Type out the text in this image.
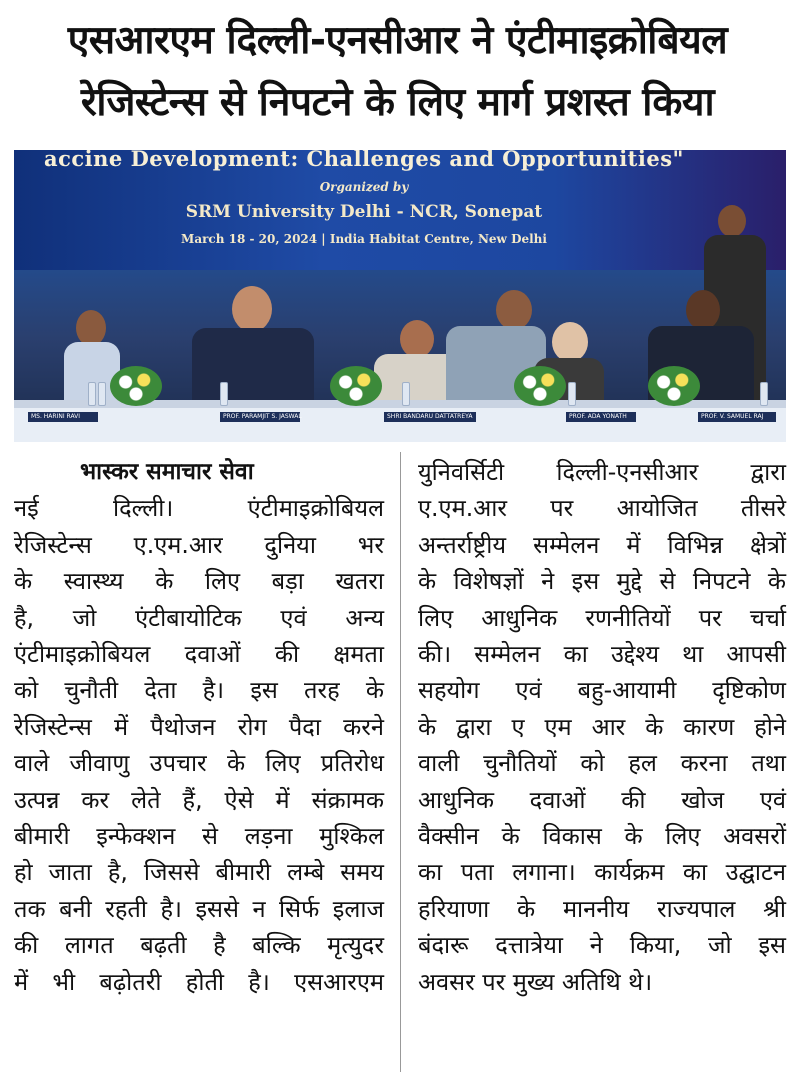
एसआरएम दिल्ली-एनसीआर ने एंटीमाइक्रोबियल
रेजिस्टेन्स से निपटने के लिए मार्ग प्रशस्त किया
accine Development: Challenges and Opportunities"
Organized by
SRM University Delhi - NCR, Sonepat
March 18 - 20, 2024 | India Habitat Centre, New Delhi
MS. HARINI RAVI	PROF. PARAMJIT S. JASWAL	SHRI BANDARU DATTATREYA	PROF. ADA YONATH	PROF. V. SAMUEL RAJ
भास्कर समाचार सेवा
नई दिल्ली। एंटीमाइक्रोबियल
रेजिस्टेन्स ए.एम.आर दुनिया भर
के स्वास्थ्य के लिए बड़ा खतरा
है, जो एंटीबायोटिक एवं अन्य
एंटीमाइक्रोबियल दवाओं की क्षमता
को चुनौती देता है। इस तरह के
रेजिस्टेन्स में पैथोजन रोग पैदा करने
वाले जीवाणु उपचार के लिए प्रतिरोध
उत्पन्न कर लेते हैं, ऐसे में संक्रामक
बीमारी इन्फेक्शन से लड़ना मुश्किल
हो जाता है, जिससे बीमारी लम्बे समय
तक बनी रहती है। इससे न सिर्फ इलाज
की लागत बढ़ती है बल्कि मृत्युदर
में भी बढ़ोतरी होती है। एसआरएम
युनिवर्सिटी दिल्ली-एनसीआर द्वारा
ए.एम.आर पर आयोजित तीसरे
अन्तर्राष्ट्रीय सम्मेलन में विभिन्न क्षेत्रों
के विशेषज्ञों ने इस मुद्दे से निपटने के
लिए आधुनिक रणनीतियों पर चर्चा
की। सम्मेलन का उद्देश्य था आपसी
सहयोग एवं बहु-आयामी दृष्टिकोण
के द्वारा ए एम आर के कारण होने
वाली चुनौतियों को हल करना तथा
आधुनिक दवाओं की खोज एवं
वैक्सीन के विकास के लिए अवसरों
का पता लगाना। कार्यक्रम का उद्घाटन
हरियाणा के माननीय राज्यपाल श्री
बंदारू दत्तात्रेया ने किया, जो इस
अवसर पर मुख्य अतिथि थे।
